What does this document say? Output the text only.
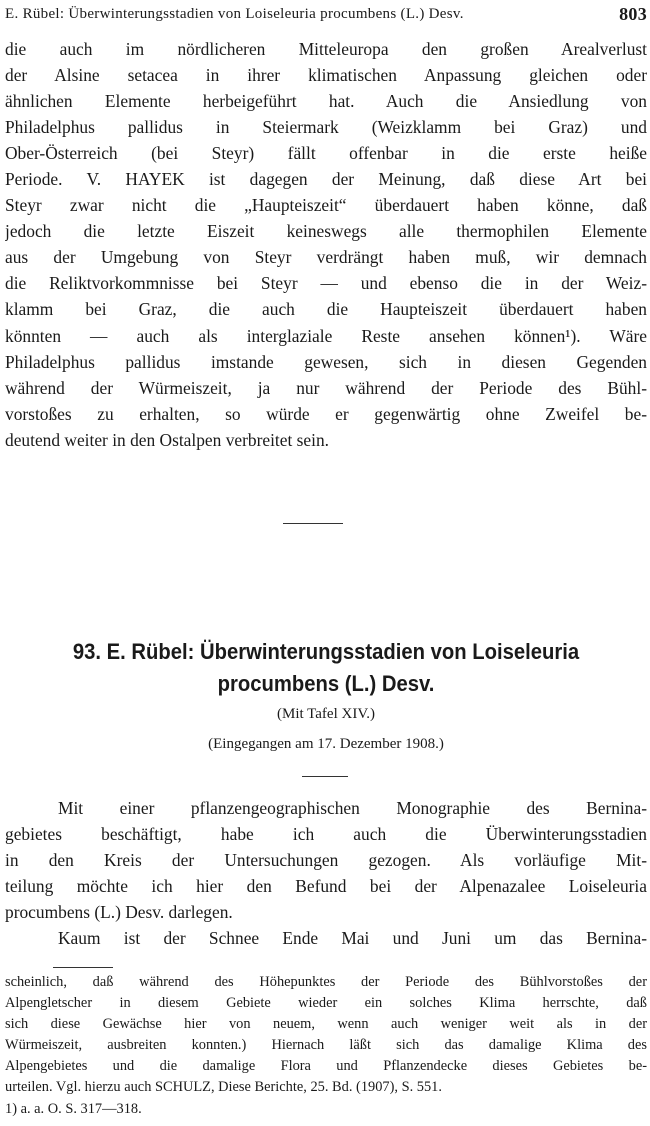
E. Rübel: Überwinterungsstadien von Loiseleuria procumbens (L.) Desv.	803
die auch im nördlicheren Mitteleuropa den großen Arealverlust
der Alsine setacea in ihrer klimatischen Anpassung gleichen oder
ähnlichen Elemente herbeigeführt hat. Auch die Ansiedlung von
Philadelphus pallidus in Steiermark (Weizklamm bei Graz) und
Ober-Österreich (bei Steyr) fällt offenbar in die erste heiße
Periode. V. HAYEK ist dagegen der Meinung, daß diese Art bei
Steyr zwar nicht die „Haupteiszeit“ überdauert haben könne, daß
jedoch die letzte Eiszeit keineswegs alle thermophilen Elemente
aus der Umgebung von Steyr verdrängt haben muß, wir demnach
die Reliktvorkommnisse bei Steyr — und ebenso die in der Weiz-
klamm bei Graz, die auch die Haupteiszeit überdauert haben
könnten — auch als interglaziale Reste ansehen können¹). Wäre
Philadelphus pallidus imstande gewesen, sich in diesen Gegenden
während der Würmeiszeit, ja nur während der Periode des Bühl-
vorstoßes zu erhalten, so würde er gegenwärtig ohne Zweifel be-
deutend weiter in den Ostalpen verbreitet sein.
93. E. Rübel: Überwinterungsstadien von Loiseleuria
procumbens (L.) Desv.
(Mit Tafel XIV.)
(Eingegangen am 17. Dezember 1908.)
Mit einer pflanzengeographischen Monographie des Bernina-
gebietes beschäftigt, habe ich auch die Überwinterungsstadien
in den Kreis der Untersuchungen gezogen. Als vorläufige Mit-
teilung möchte ich hier den Befund bei der Alpenazalee Loiseleuria
procumbens (L.) Desv. darlegen.
Kaum ist der Schnee Ende Mai und Juni um das Bernina-
scheinlich, daß während des Höhepunktes der Periode des Bühlvorstoßes der
Alpengletscher in diesem Gebiete wieder ein solches Klima herrschte, daß
sich diese Gewächse hier von neuem, wenn auch weniger weit als in der
Würmeiszeit, ausbreiten konnten.) Hiernach läßt sich das damalige Klima des
Alpengebietes und die damalige Flora und Pflanzendecke dieses Gebietes be-
urteilen. Vgl. hierzu auch SCHULZ, Diese Berichte, 25. Bd. (1907), S. 551.
1) a. a. O. S. 317—318.
